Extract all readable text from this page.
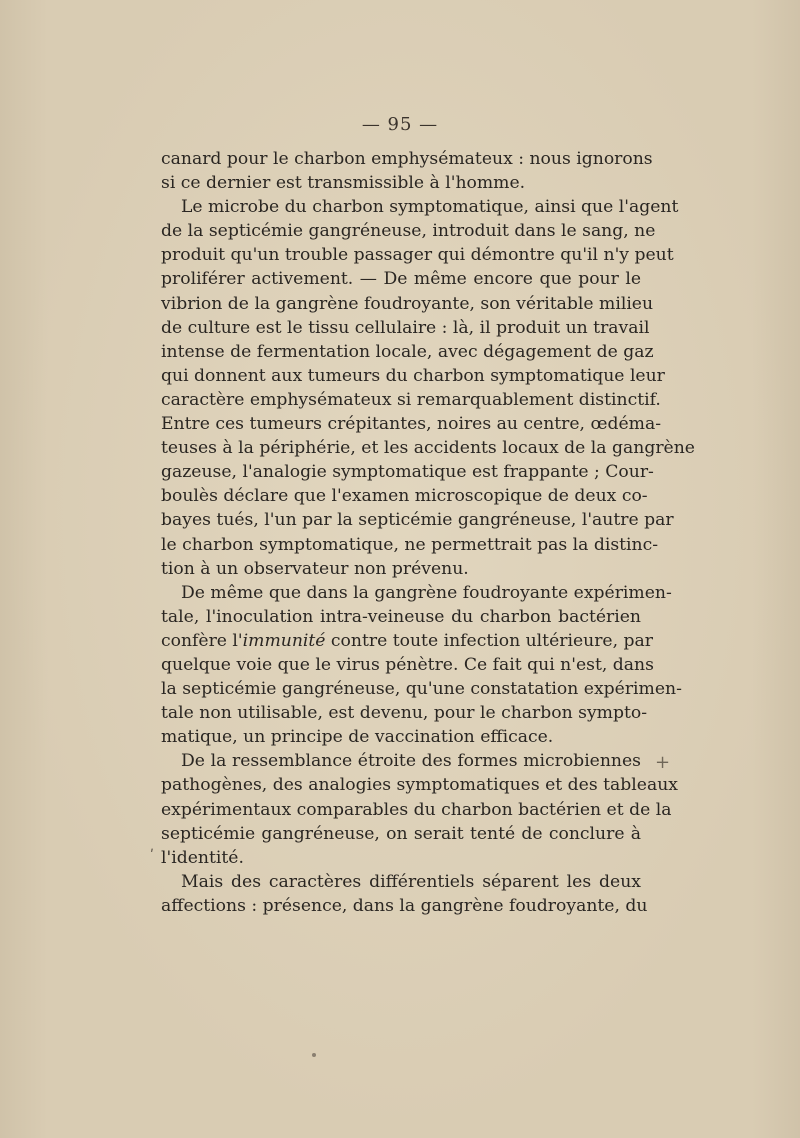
— 95 —
canard pour le charbon emphysémateux : nous ignorons
si ce dernier est transmissible à l'homme.
Le microbe du charbon symptomatique, ainsi que l'agent
de la septicémie gangréneuse, introduit dans le sang, ne
produit qu'un trouble passager qui démontre qu'il n'y peut
proliférer activement. — De même encore que pour le
vibrion de la gangrène foudroyante, son véritable milieu
de culture est le tissu cellulaire : là, il produit un travail
intense de fermentation locale, avec dégagement de gaz
qui donnent aux tumeurs du charbon symptomatique leur
caractère emphysémateux si remarquablement distinctif.
Entre ces tumeurs crépitantes, noires au centre, œdéma-
teuses à la périphérie, et les accidents locaux de la gangrène
gazeuse, l'analogie symptomatique est frappante ; Cour-
boulès déclare que l'examen microscopique de deux co-
bayes tués, l'un par la septicémie gangréneuse, l'autre par
le charbon symptomatique, ne permettrait pas la distinc-
tion à un observateur non prévenu.
De même que dans la gangrène foudroyante expérimen-
tale, l'inoculation intra-veineuse du charbon bactérien
confère l'immunité contre toute infection ultérieure, par
quelque voie que le virus pénètre. Ce fait qui n'est, dans
la septicémie gangréneuse, qu'une constatation expérimen-
tale non utilisable, est devenu, pour le charbon sympto-
matique, un principe de vaccination efficace.
De la ressemblance étroite des formes microbiennes
pathogènes, des analogies symptomatiques et des tableaux
expérimentaux comparables du charbon bactérien et de la
septicémie gangréneuse, on serait tenté de conclure à
l'identité.
Mais des caractères différentiels séparent les deux
affections : présence, dans la gangrène foudroyante, du
+
ʹ
